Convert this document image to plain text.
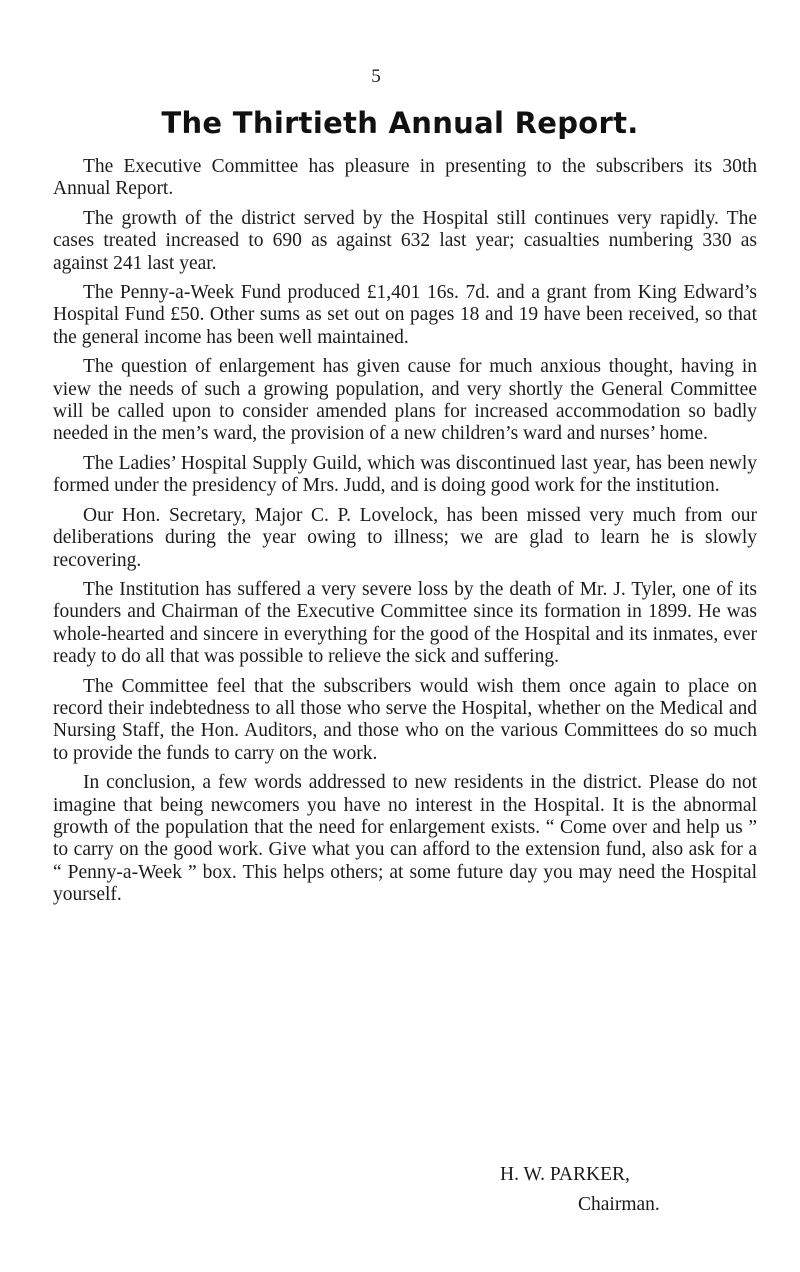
5
The Thirtieth Annual Report.

The Executive Committee has pleasure in presenting to the subscribers its 30th Annual Report.

The growth of the district served by the Hospital still continues very rapidly. The cases treated increased to 690 as against 632 last year; casualties numbering 330 as against 241 last year.

The Penny-a-Week Fund produced £1,401 16s. 7d. and a grant from King Edward’s Hospital Fund £50. Other sums as set out on pages 18 and 19 have been received, so that the general income has been well maintained.

The question of enlargement has given cause for much anxious thought, having in view the needs of such a growing population, and very shortly the General Committee will be called upon to consider amended plans for increased accommodation so badly needed in the men’s ward, the provision of a new children’s ward and nurses’ home.

The Ladies’ Hospital Supply Guild, which was discontinued last year, has been newly formed under the presidency of Mrs. Judd, and is doing good work for the institution.

Our Hon. Secretary, Major C. P. Lovelock, has been missed very much from our deliberations during the year owing to illness; we are glad to learn he is slowly recovering.

The Institution has suffered a very severe loss by the death of Mr. J. Tyler, one of its founders and Chairman of the Executive Committee since its formation in 1899. He was whole-hearted and sincere in everything for the good of the Hospital and its inmates, ever ready to do all that was possible to relieve the sick and suffering.

The Committee feel that the subscribers would wish them once again to place on record their indebtedness to all those who serve the Hospital, whether on the Medical and Nursing Staff, the Hon. Auditors, and those who on the various Committees do so much to provide the funds to carry on the work.

In conclusion, a few words addressed to new residents in the district. Please do not imagine that being newcomers you have no interest in the Hospital. It is the abnormal growth of the population that the need for enlargement exists. “ Come over and help us ” to carry on the good work. Give what you can afford to the extension fund, also ask for a “ Penny-a-Week ” box. This helps others; at some future day you may need the Hospital yourself.

H. W. PARKER,
Chairman.
